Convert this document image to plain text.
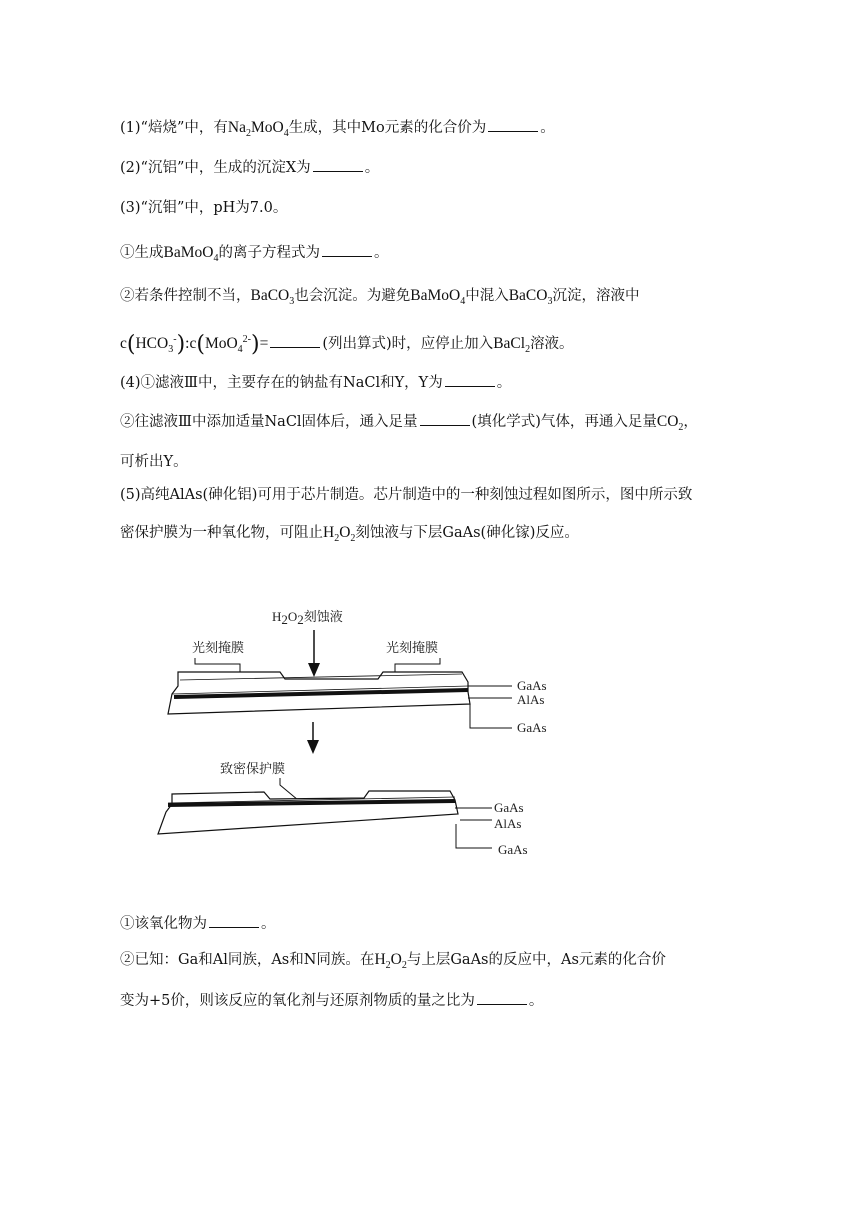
(1)“焙烧”中，有$Na_2MoO_4$生成，其中Mo元素的化合价为	。
(2)“沉铝”中，生成的沉淀X为	。
(3)“沉钼”中，pH为7.0。
①生成BaMoO$_4$的离子方程式为	。
②若条件控制不当，BaCO$_3$也会沉淀。为避免BaMoO$_4$中混入BaCO$_3$沉淀，溶液中
$c(HCO_3^-):c(MoO_4^{2-})=$	(列出算式)时，应停止加入BaCl$_2$溶液。
(4)①滤液Ⅲ中，主要存在的钠盐有NaCl和Y，Y为	。
②往滤液Ⅲ中添加适量NaCl固体后，通入足量	(填化学式)气体，再通入足量$CO_2$，
可析出Y。
(5)高纯AlAs(砷化铝)可用于芯片制造。芯片制造中的一种刻蚀过程如图所示，图中所示致
密保护膜为一种氧化物，可阻止$H_2O_2$刻蚀液与下层GaAs(砷化镓)反应。
H2O2刻蚀液
光刻掩膜	光刻掩膜
GaAs
AlAs
GaAs
致密保护膜
GaAs
AlAs
GaAs
①该氧化物为	。
②已知：Ga和Al同族，As和N同族。在$H_2O_2$与上层GaAs的反应中，As元素的化合价
变为+5价，则该反应的氧化剂与还原剂物质的量之比为	。
